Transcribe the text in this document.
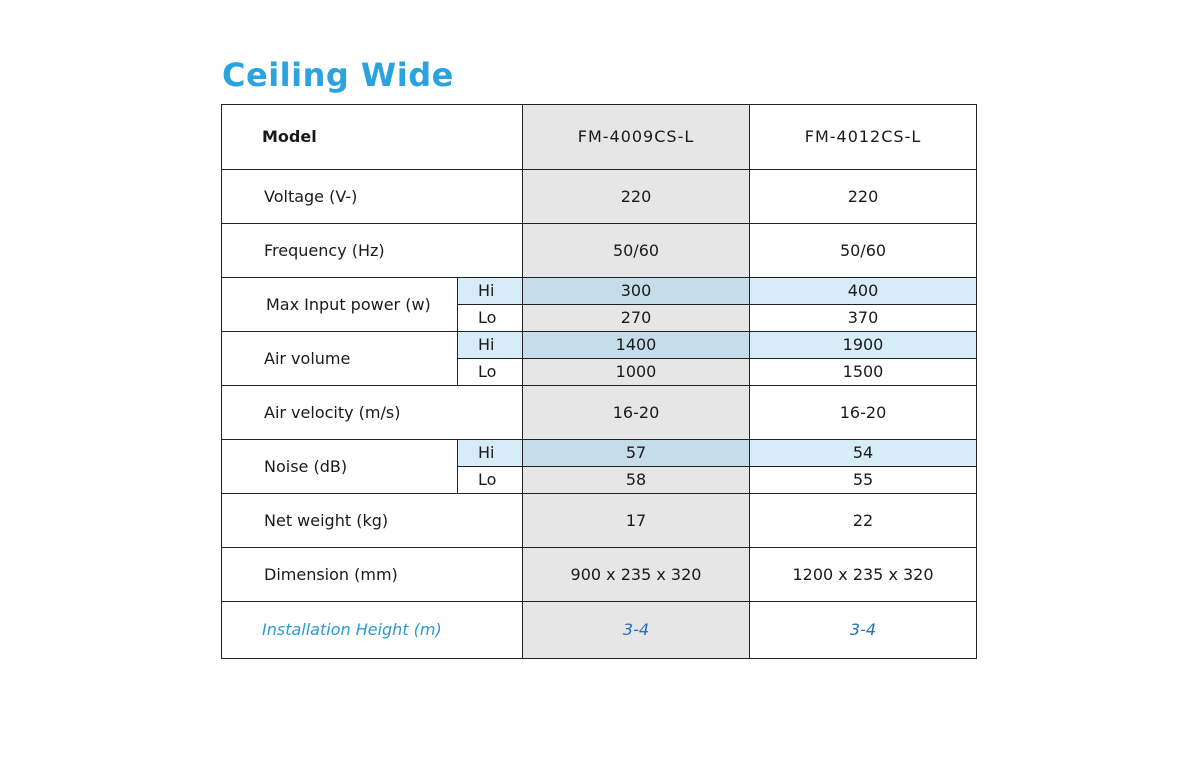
Ceiling Wide
Model		FM-4009CS-L	FM-4012CS-L
Voltage (V-)		220	220
Frequency (Hz)		50/60	50/60
Max Input power (w)	Hi	300	400
	Lo	270	370
Air volume	Hi	1400	1900
	Lo	1000	1500
Air velocity (m/s)		16-20	16-20
Noise (dB)	Hi	57	54
	Lo	58	55
Net weight (kg)		17	22
Dimension (mm)		900 x 235 x 320	1200 x 235 x 320
Installation Height (m)		3-4	3-4
